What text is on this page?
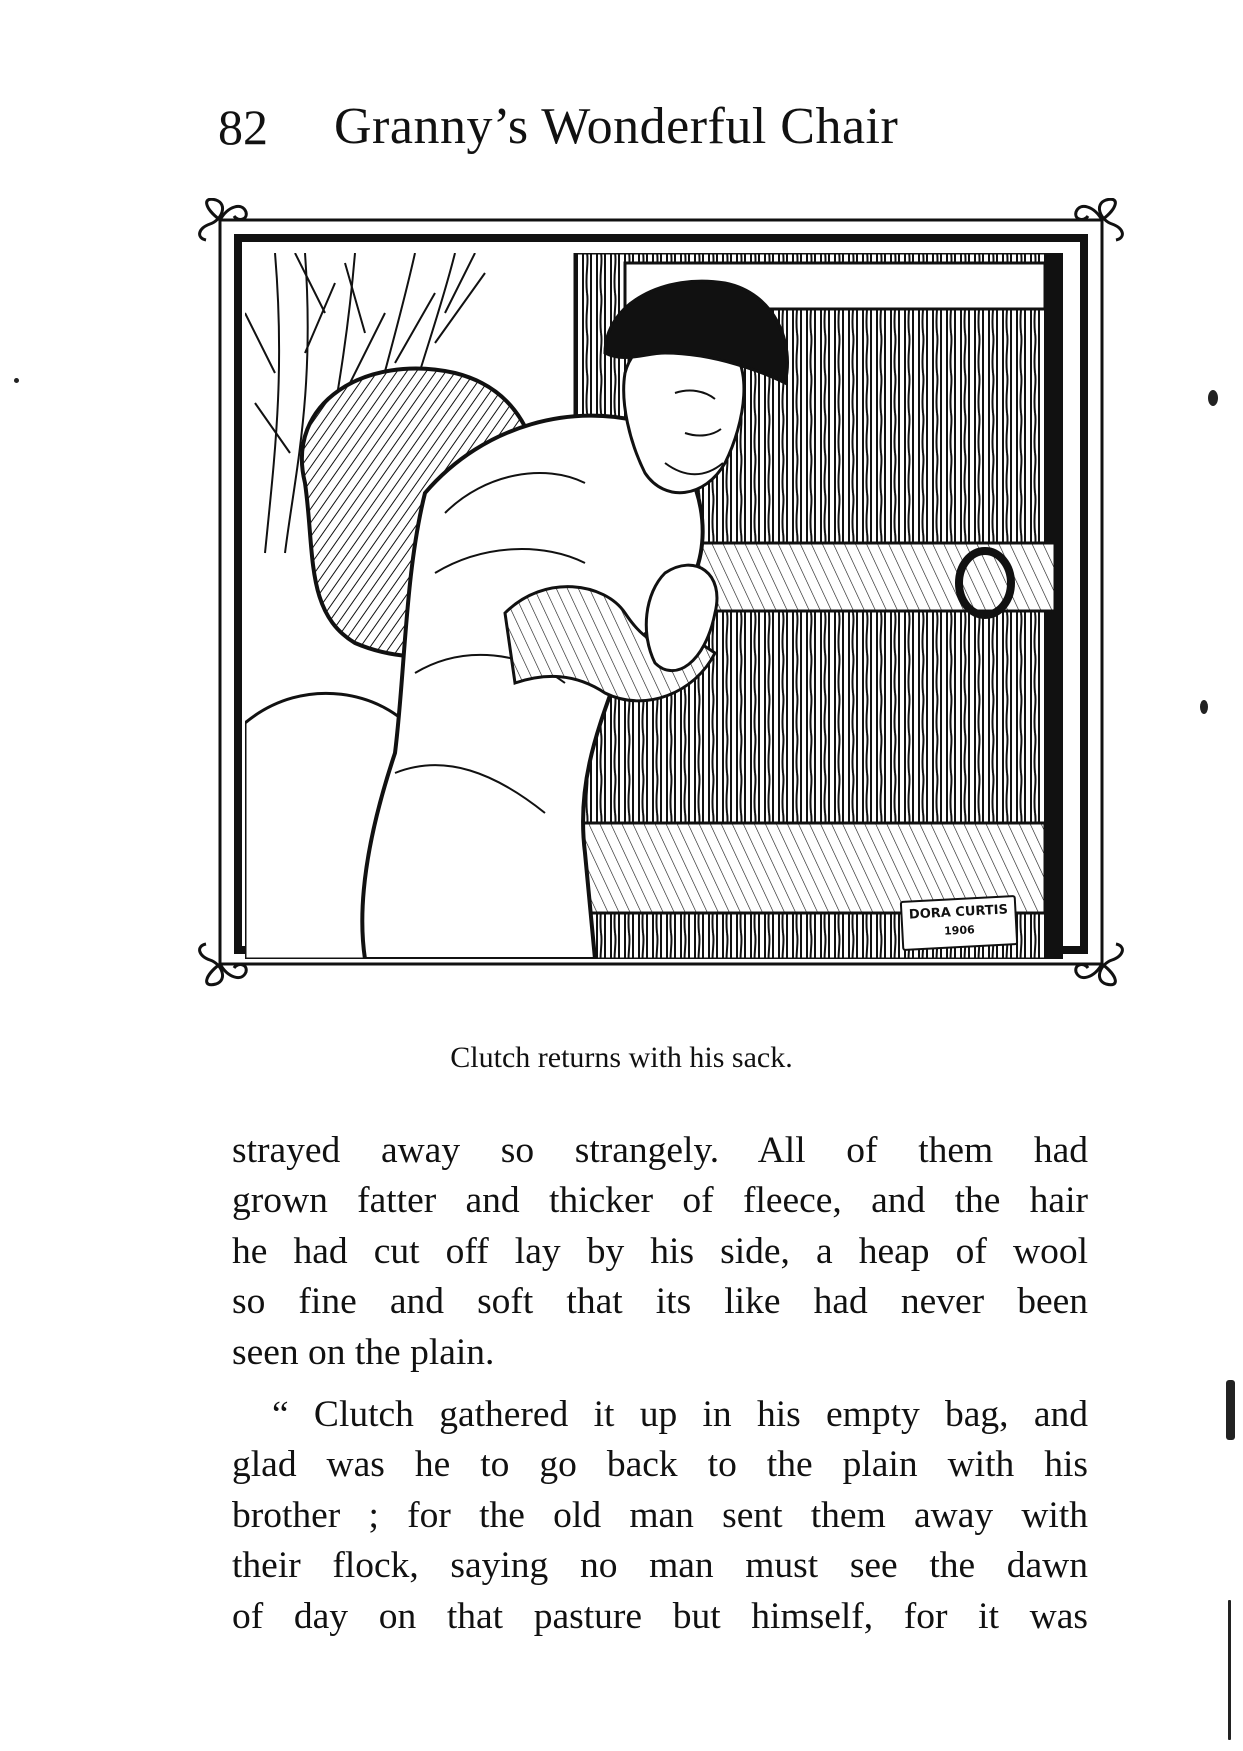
82 Granny’s Wonderful Chair
DORA CURTIS
1906
Clutch returns with his sack.
strayed away so strangely. All of them had
grown fatter and thicker of fleece, and the hair
he had cut off lay by his side, a heap of wool
so fine and soft that its like had never been
seen on the plain.
“ Clutch gathered it up in his empty bag, and
glad was he to go back to the plain with his
brother ; for the old man sent them away with
their flock, saying no man must see the dawn
of day on that pasture but himself, for it was
